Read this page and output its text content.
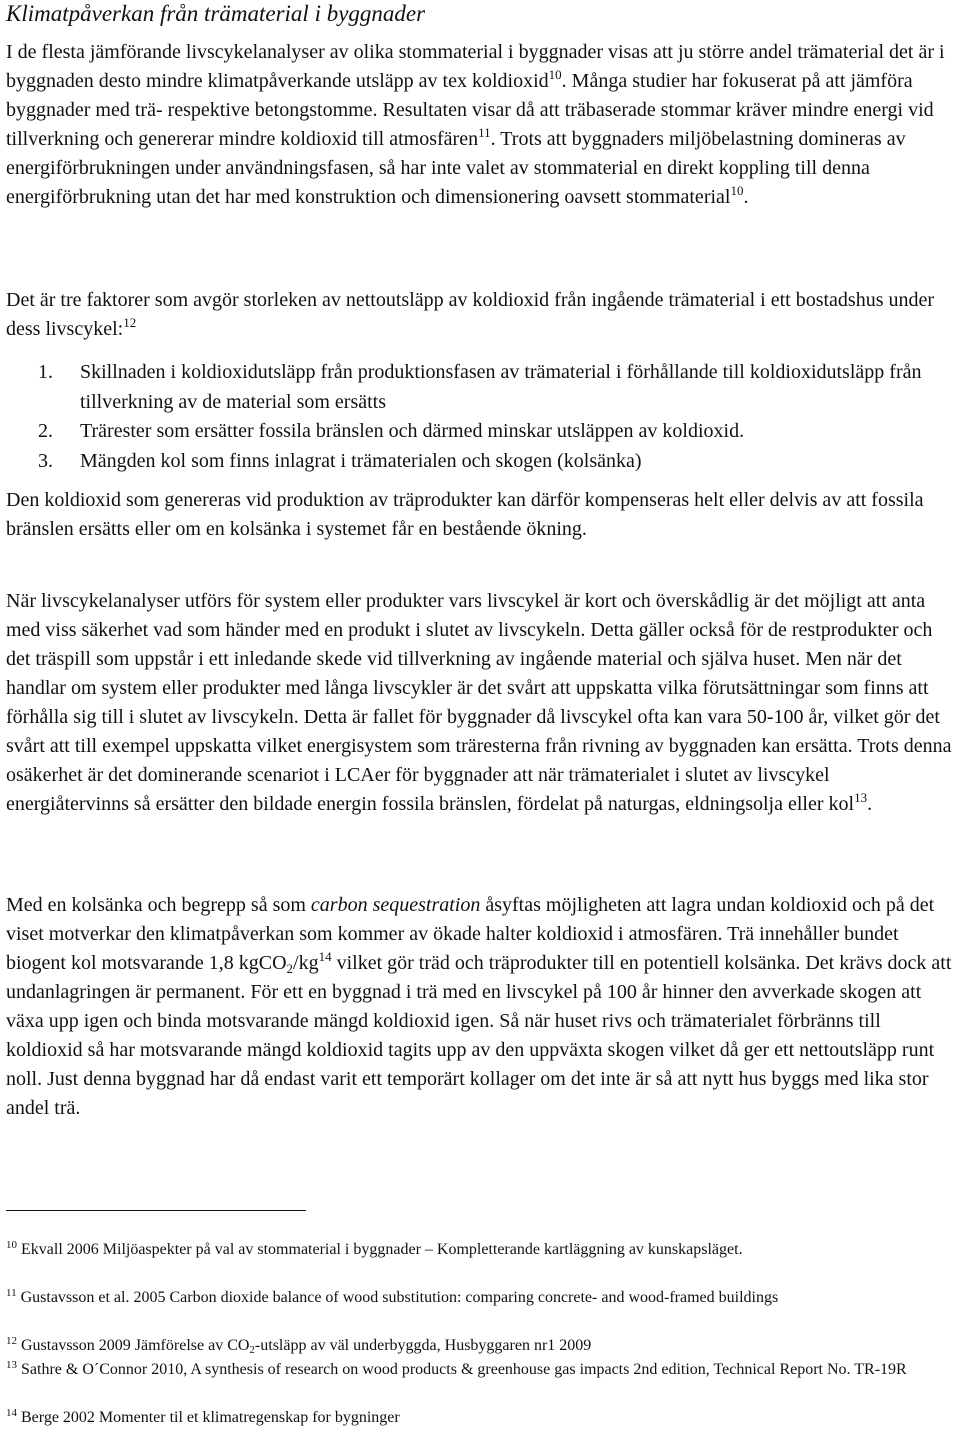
Klimatpåverkan från trämaterial i byggnader

I de flesta jämförande livscykelanalyser av olika stommaterial i byggnader visas att ju större andel trämaterial det är i byggnaden desto mindre klimatpåverkande utsläpp av tex koldioxid$^{10}$. Många studier har fokuserat på att jämföra byggnader med trä- respektive betongstomme. Resultaten visar då att träbaserade stommar kräver mindre energi vid tillverkning och genererar mindre koldioxid till atmosfären$^{11}$. Trots att byggnaders miljöbelastning domineras av energiförbrukningen under användningsfasen, så har inte valet av stommaterial en direkt koppling till denna energiförbrukning utan det har med konstruktion och dimensionering oavsett stommaterial$^{10}$.

Det är tre faktorer som avgör storleken av nettoutsläpp av koldioxid från ingående trämaterial i ett bostadshus under dess livscykel:$^{12}$

1. Skillnaden i koldioxidutsläpp från produktionsfasen av trämaterial i förhållande till koldioxidutsläpp från tillverkning av de material som ersätts
2. Trärester som ersätter fossila bränslen och därmed minskar utsläppen av koldioxid.
3. Mängden kol som finns inlagrat i trämaterialen och skogen (kolsänka)

Den koldioxid som genereras vid produktion av träprodukter kan därför kompenseras helt eller delvis av att fossila bränslen ersätts eller om en kolsänka i systemet får en bestående ökning.

När livscykelanalyser utförs för system eller produkter vars livscykel är kort och överskådlig är det möjligt att anta med viss säkerhet vad som händer med en produkt i slutet av livscykeln. Detta gäller också för de restprodukter och det träspill som uppstår i ett inledande skede vid tillverkning av ingående material och själva huset. Men när det handlar om system eller produkter med långa livscykler är det svårt att uppskatta vilka förutsättningar som finns att förhålla sig till i slutet av livscykeln. Detta är fallet för byggnader då livscykel ofta kan vara 50-100 år, vilket gör det svårt att till exempel uppskatta vilket energisystem som träresterna från rivning av byggnaden kan ersätta. Trots denna osäkerhet är det dominerande scenariot i LCAer för byggnader att när trämaterialet i slutet av livscykel energiåtervinns så ersätter den bildade energin fossila bränslen, fördelat på naturgas, eldningsolja eller kol$^{13}$.

Med en kolsänka och begrepp så som carbon sequestration åsyftas möjligheten att lagra undan koldioxid och på det viset motverkar den klimatpåverkan som kommer av ökade halter koldioxid i atmosfären. Trä innehåller bundet biogent kol motsvarande 1,8 $kgCO_2/kg^{14}$ vilket gör träd och träprodukter till en potentiell kolsänka. Det krävs dock att undanlagringen är permanent. För ett en byggnad i trä med en livscykel på 100 år hinner den avverkade skogen att växa upp igen och binda motsvarande mängd koldioxid igen. Så när huset rivs och trämaterialet förbränns till koldioxid så har motsvarande mängd koldioxid tagits upp av den uppväxta skogen vilket då ger ett nettoutsläpp runt noll. Just denna byggnad har då endast varit ett temporärt kollager om det inte är så att nytt hus byggs med lika stor andel trä.

$^{10}$ Ekvall 2006 Miljöaspekter på val av stommaterial i byggnader – Kompletterande kartläggning av kunskapsläget.

$^{11}$ Gustavsson et al. 2005 Carbon dioxide balance of wood substitution: comparing concrete- and wood-framed buildings

$^{12}$ Gustavsson 2009 Jämförelse av $CO_2$-utsläpp av väl underbyggda, Husbyggaren nr1 2009

$^{13}$ Sathre & O´Connor 2010, A synthesis of research on wood products & greenhouse gas impacts 2nd edition, Technical Report No. TR-19R

$^{14}$ Berge 2002 Momenter til et klimatregenskap for bygninger
